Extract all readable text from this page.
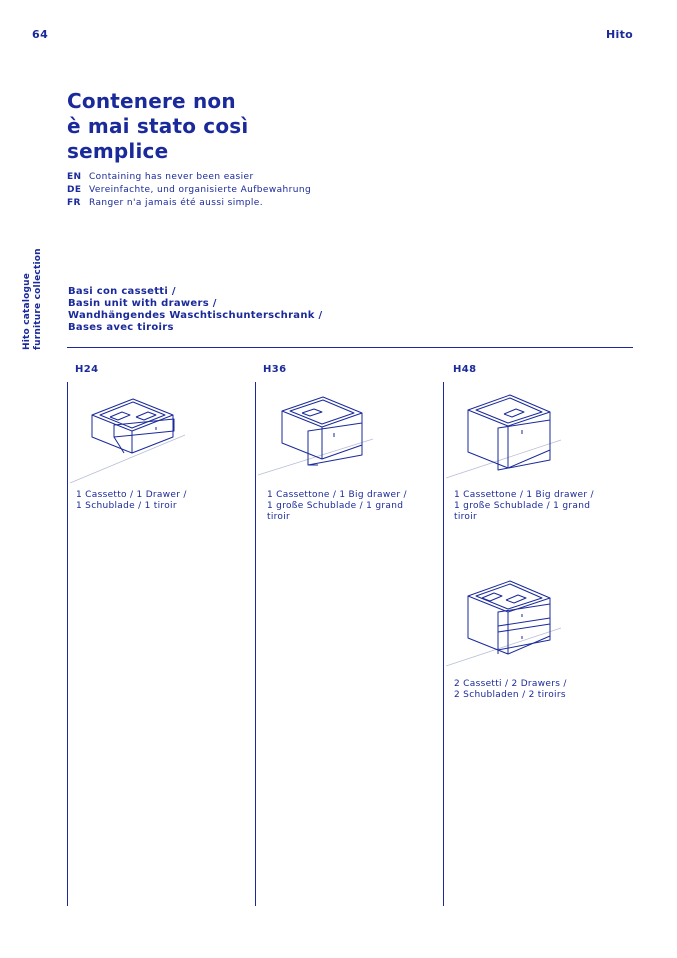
64	Hito
Contenere non
è mai stato così
semplice
EN Containing has never been easier
DE Vereinfachte, und organisierte Aufbewahrung
FR Ranger n'a jamais été aussi simple.
Hito catalogue furniture collection	Basi con cassetti /
Basin unit with drawers /
Wandhängendes Waschtischunterschrank /
Bases avec tiroirs
H24
1 Cassetto / 1 Drawer /
1 Schublade / 1 tiroir
H36
1 Cassettone / 1 Big drawer /
1 große Schublade / 1 grand
tiroir
H48
1 Cassettone / 1 Big drawer /
1 große Schublade / 1 grand
tiroir
2 Cassetti / 2 Drawers /
2 Schubladen / 2 tiroirs
